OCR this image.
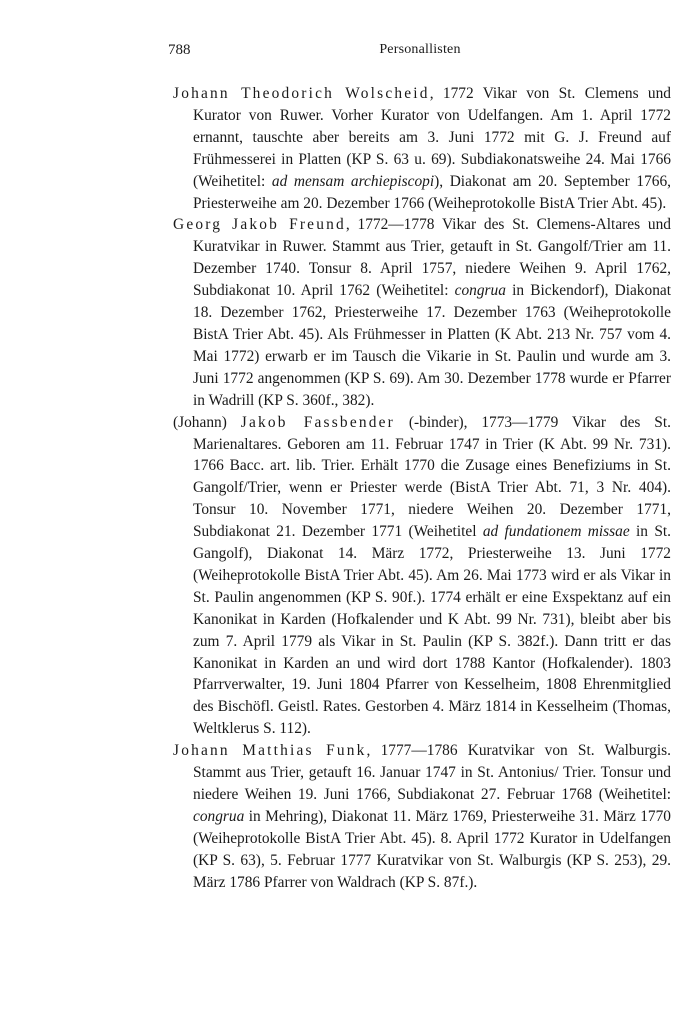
788	Personallisten

Johann Theodorich Wolscheid, 1772 Vikar von St. Clemens und Kurator von Ruwer. Vorher Kurator von Udelfangen. Am 1. April 1772 ernannt, tauschte aber bereits am 3. Juni 1772 mit G. J. Freund auf Frühmesserei in Platten (KP S. 63 u. 69). Subdiakonatsweihe 24. Mai 1766 (Weihetitel: ad mensam archiepiscopi), Diakonat am 20. September 1766, Priesterweihe am 20. Dezember 1766 (Weiheprotokolle BistA Trier Abt. 45).

Georg Jakob Freund, 1772—1778 Vikar des St. Clemens-Altares und Kuratvikar in Ruwer. Stammt aus Trier, getauft in St. Gangolf/Trier am 11. Dezember 1740. Tonsur 8. April 1757, niedere Weihen 9. April 1762, Subdiakonat 10. April 1762 (Weihetitel: congrua in Bickendorf), Diakonat 18. Dezember 1762, Priesterweihe 17. Dezember 1763 (Weiheprotokolle BistA Trier Abt. 45). Als Frühmesser in Platten (K Abt. 213 Nr. 757 vom 4. Mai 1772) erwarb er im Tausch die Vikarie in St. Paulin und wurde am 3. Juni 1772 angenommen (KP S. 69). Am 30. Dezember 1778 wurde er Pfarrer in Wadrill (KP S. 360f., 382).

(Johann) Jakob Fassbender (-binder), 1773—1779 Vikar des St. Marienaltares. Geboren am 11. Februar 1747 in Trier (K Abt. 99 Nr. 731). 1766 Bacc. art. lib. Trier. Erhält 1770 die Zusage eines Benefiziums in St. Gangolf/Trier, wenn er Priester werde (BistA Trier Abt. 71, 3 Nr. 404). Tonsur 10. November 1771, niedere Weihen 20. Dezember 1771, Subdiakonat 21. Dezember 1771 (Weihetitel ad fundationem missae in St. Gangolf), Diakonat 14. März 1772, Priesterweihe 13. Juni 1772 (Weiheprotokolle BistA Trier Abt. 45). Am 26. Mai 1773 wird er als Vikar in St. Paulin angenommen (KP S. 90f.). 1774 erhält er eine Exspektanz auf ein Kanonikat in Karden (Hofkalender und K Abt. 99 Nr. 731), bleibt aber bis zum 7. April 1779 als Vikar in St. Paulin (KP S. 382f.). Dann tritt er das Kanonikat in Karden an und wird dort 1788 Kantor (Hofkalender). 1803 Pfarrverwalter, 19. Juni 1804 Pfarrer von Kesselheim, 1808 Ehrenmitglied des Bischöfl. Geistl. Rates. Gestorben 4. März 1814 in Kesselheim (Thomas, Weltklerus S. 112).

Johann Matthias Funk, 1777—1786 Kuratvikar von St. Walburgis. Stammt aus Trier, getauft 16. Januar 1747 in St. Antonius/ Trier. Tonsur und niedere Weihen 19. Juni 1766, Subdiakonat 27. Februar 1768 (Weihetitel: congrua in Mehring), Diakonat 11. März 1769, Priesterweihe 31. März 1770 (Weiheprotokolle BistA Trier Abt. 45). 8. April 1772 Kurator in Udelfangen (KP S. 63), 5. Februar 1777 Kuratvikar von St. Walburgis (KP S. 253), 29. März 1786 Pfarrer von Waldrach (KP S. 87f.).
